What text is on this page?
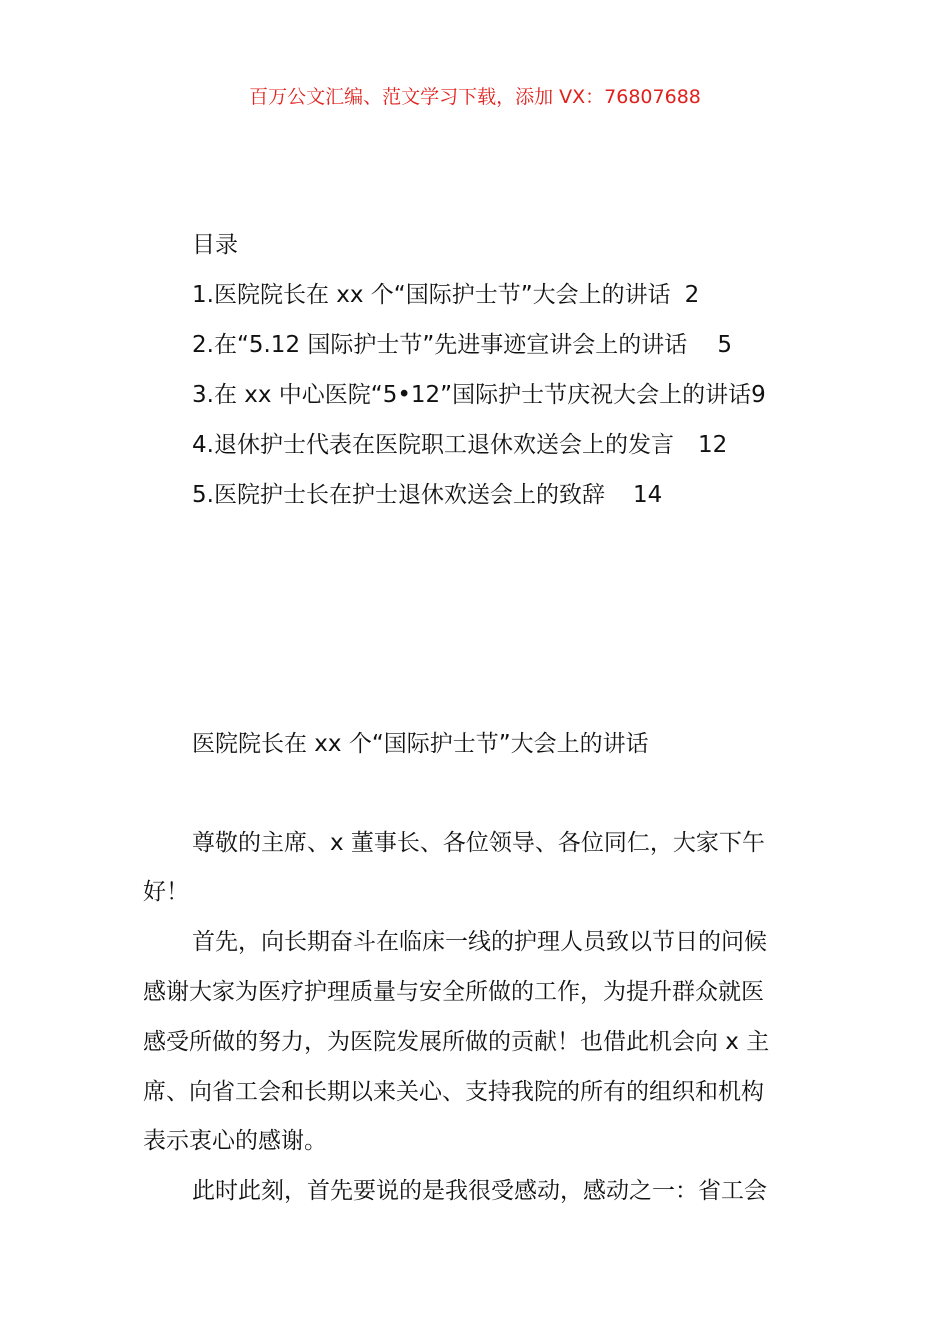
百万公文汇编、范文学习下载，添加 VX：76807688
目录
1.医院院长在 xx 个“国际护士节”大会上的讲话 2
2.在“5.12 国际护士节”先进事迹宣讲会上的讲话 5
3.在 xx 中心医院“5•12”国际护士节庆祝大会上的讲话9
4.退休护士代表在医院职工退休欢送会上的发言 12
5.医院护士长在护士退休欢送会上的致辞 14
医院院长在 xx 个“国际护士节”大会上的讲话
尊敬的主席、x 董事长、各位领导、各位同仁，大家下午
好！
首先，向长期奋斗在临床一线的护理人员致以节日的问候
感谢大家为医疗护理质量与安全所做的工作，为提升群众就医
感受所做的努力，为医院发展所做的贡献！也借此机会向 x 主
席、向省工会和长期以来关心、支持我院的所有的组织和机构
表示衷心的感谢。
此时此刻，首先要说的是我很受感动，感动之一：省工会
